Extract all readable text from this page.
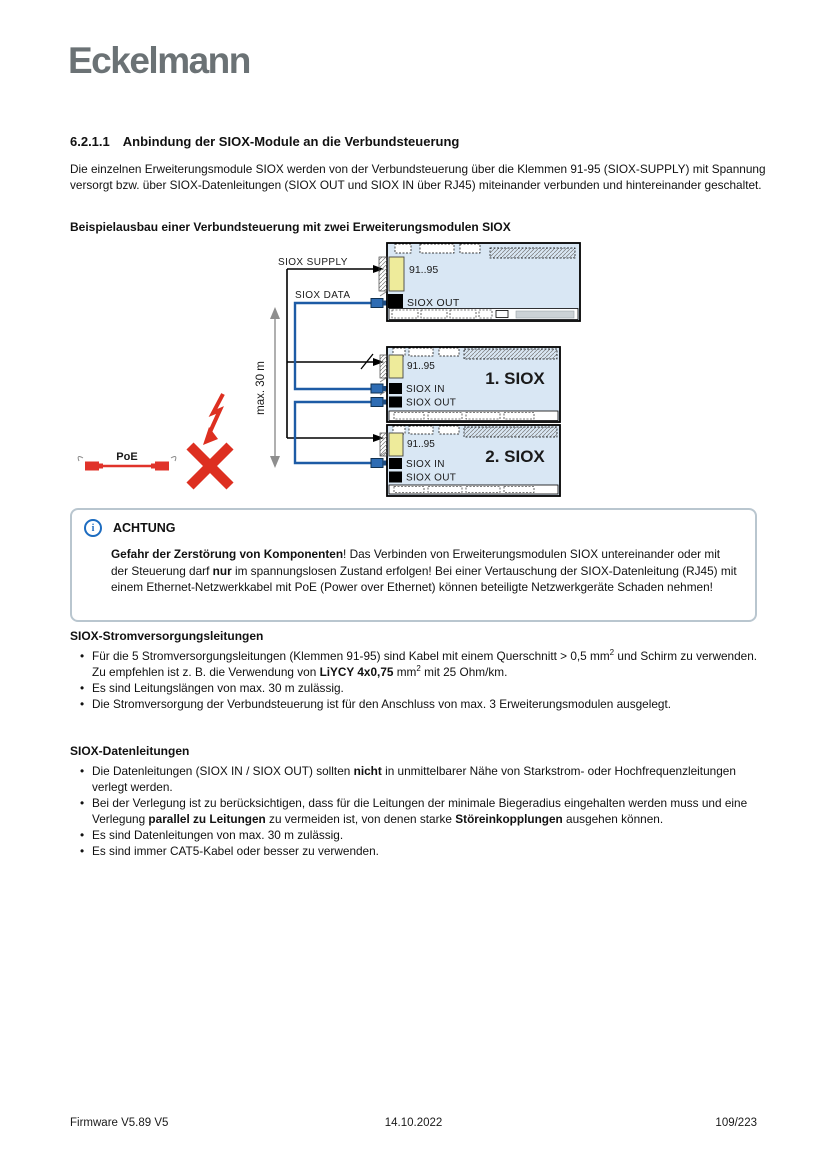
Eckelmann
6.2.1.1 Anbindung der SIOX-Module an die Verbundsteuerung
Die einzelnen Erweiterungsmodule SIOX werden von der Verbundsteuerung über die Klemmen 91-95 (SIOX-SUPPLY) mit Spannung versorgt bzw. über SIOX-Datenleitungen (SIOX OUT und SIOX IN über RJ45) miteinander verbunden und hintereinander geschaltet.
Beispielausbau einer Verbundsteuerung mit zwei Erweiterungsmodulen SIOX
SIOX SUPPLY
SIOX DATA
max. 30 m
91..95
SIOX OUT
91..95
1. SIOX
SIOX IN
SIOX OUT
91..95
2. SIOX
SIOX IN
SIOX OUT
PoE
i	ACHTUNG
Gefahr der Zerstörung von Komponenten! Das Verbinden von Erweiterungsmodulen SIOX untereinander oder mit der Steuerung darf nur im spannungslosen Zustand erfolgen! Bei einer Vertauschung der SIOX-Datenleitung (RJ45) mit einem Ethernet-Netzwerkkabel mit PoE (Power over Ethernet) können beteiligte Netzwerkgeräte Schaden nehmen!
SIOX-Stromversorgungsleitungen
• Für die 5 Stromversorgungsleitungen (Klemmen 91-95) sind Kabel mit einem Querschnitt > 0,5 $mm^2$ und Schirm zu verwenden. Zu empfehlen ist z. B. die Verwendung von LiYCY 4x0,75 $mm^2$ mit 25 Ohm/km.
• Es sind Leitungslängen von max. 30 m zulässig.
• Die Stromversorgung der Verbundsteuerung ist für den Anschluss von max. 3 Erweiterungsmodulen ausgelegt.
SIOX-Datenleitungen
• Die Datenleitungen (SIOX IN / SIOX OUT) sollten nicht in unmittelbarer Nähe von Starkstrom- oder Hochfrequenzleitungen verlegt werden.
• Bei der Verlegung ist zu berücksichtigen, dass für die Leitungen der minimale Biegeradius eingehalten werden muss und eine Verlegung parallel zu Leitungen zu vermeiden ist, von denen starke Störeinkopplungen ausgehen können.
• Es sind Datenleitungen von max. 30 m zulässig.
• Es sind immer CAT5-Kabel oder besser zu verwenden.
14.10.2022
Firmware V5.89 V5	109/223
